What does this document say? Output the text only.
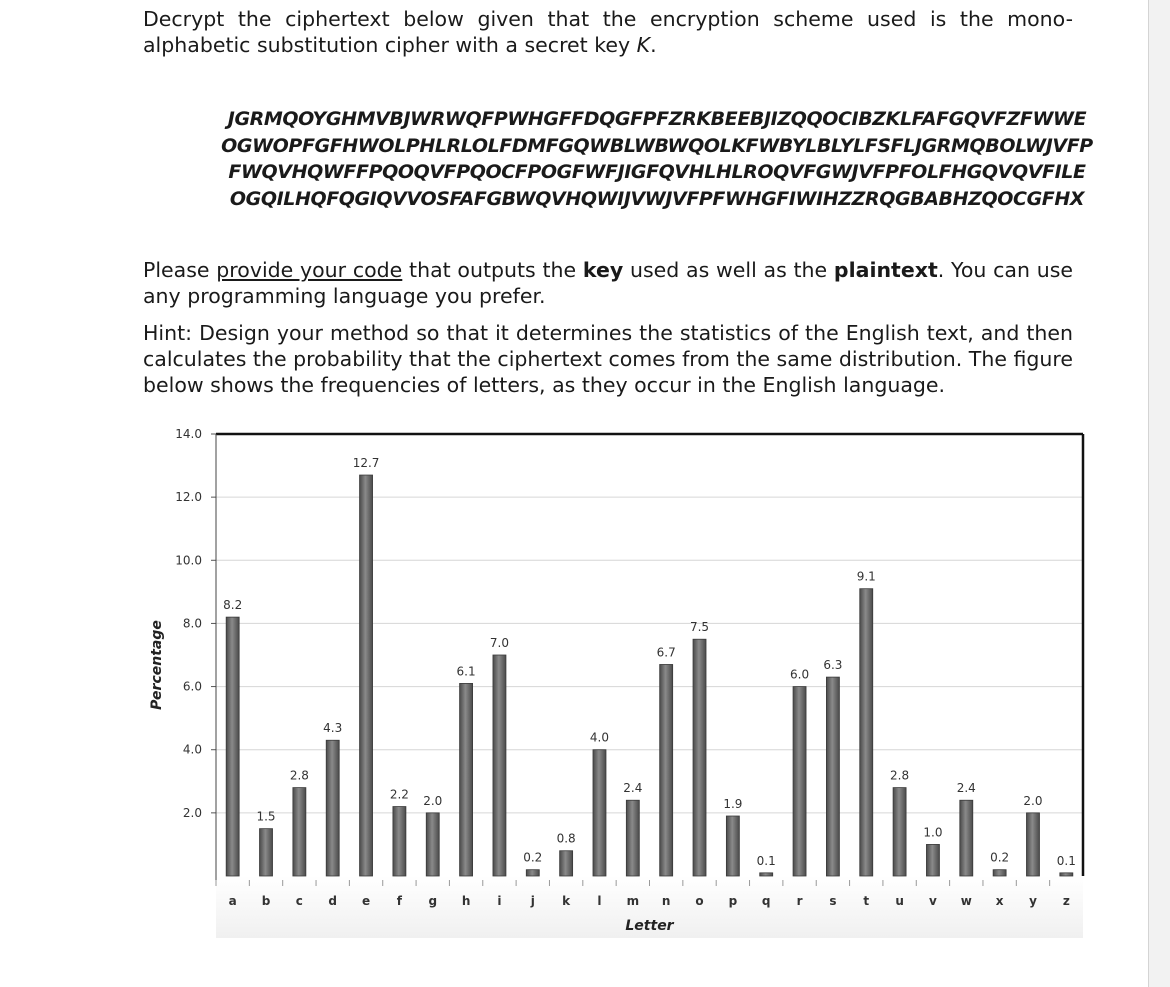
Decrypt the ciphertext below given that the encryption scheme used is the mono-alphabetic substitution cipher with a secret key K.

JGRMQOYGHMVBJWRWQFPWHGFFDQGFPFZRKBEEBJIZQQOCIBZKLFAFGQVFZFWWE
OGWOPFGFHWOLPHLRLOLFDMFGQWBLWBWQOLKFWBYLBLYLFSFLJGRMQBOLWJVFP
FWQVHQWFFPQOQVFPQOCFPOGFWFJIGFQVHLHLROQVFGWJVFPFOLFHGQVQVFILE
OGQILHQFQGIQVVOSFAFGBWQVHQWIJVWJVFPFWHGFIWIHZZRQGBABHZQOCGFHX

Please provide your code that outputs the key used as well as the plaintext. You can use any programming language you prefer.

Hint: Design your method so that it determines the statistics of the English text, and then calculates the probability that the ciphertext comes from the same distribution. The figure below shows the frequencies of letters, as they occur in the English language.

2.0
4.0
6.0
8.0
10.0
12.0
14.0
8.2
a
1.5
b
2.8
c
4.3
d
12.7
e
2.2
f
2.0
g
6.1
h
7.0
i
0.2
j
0.8
k
4.0
l
2.4
m
6.7
n
7.5
o
1.9
p
0.1
q
6.0
r
6.3
s
9.1
t
2.8
u
1.0
v
2.4
w
0.2
x
2.0
y
0.1
z
Letter
Percentage
